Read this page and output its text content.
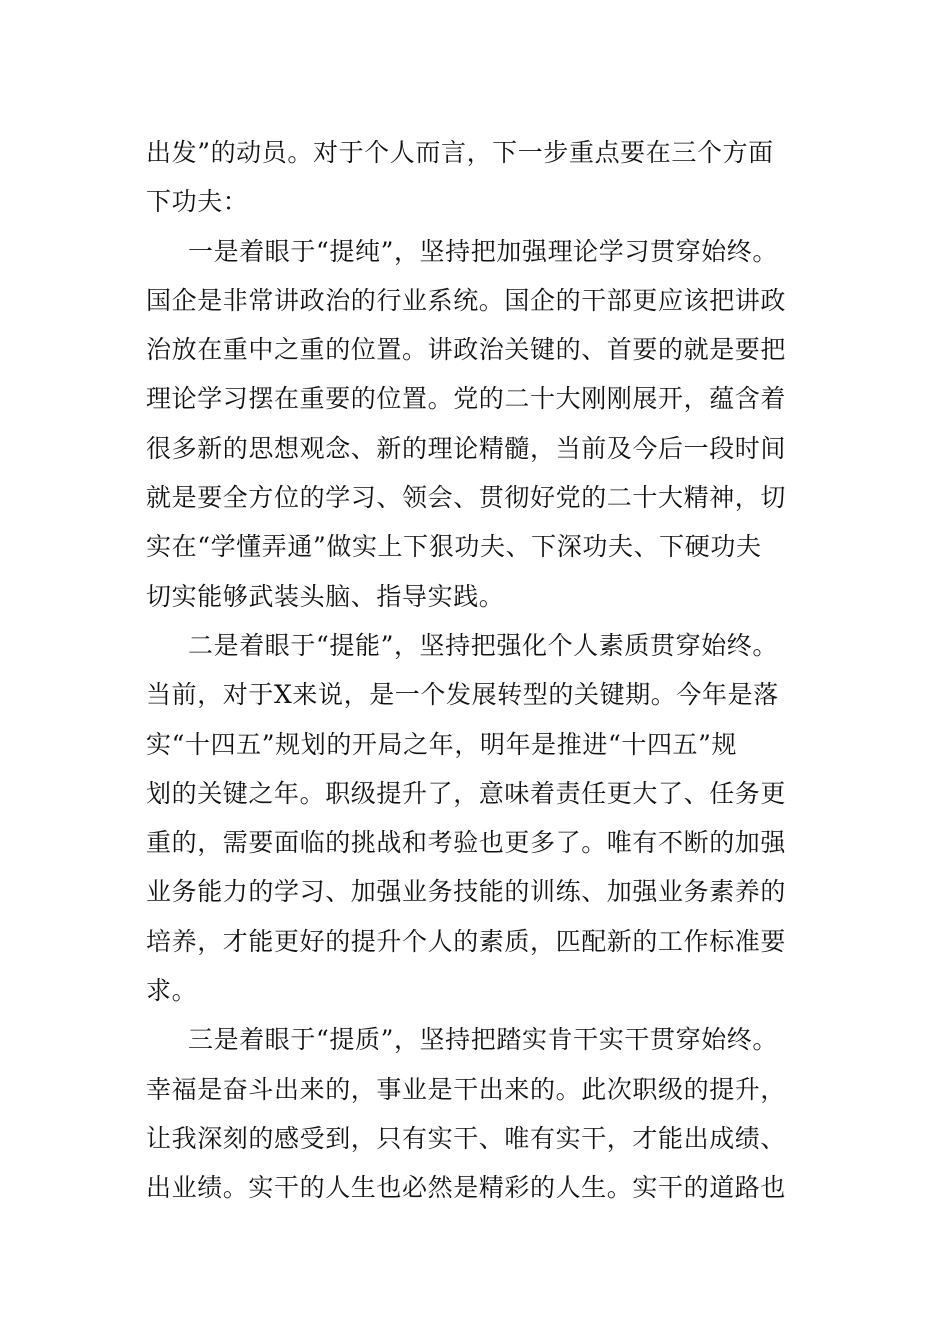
出发”的动员。对于个人而言，下一步重点要在三个方面
下功夫：
一是着眼于“提纯”，坚持把加强理论学习贯穿始终。
国企是非常讲政治的行业系统。国企的干部更应该把讲政
治放在重中之重的位置。讲政治关键的、首要的就是要把
理论学习摆在重要的位置。党的二十大刚刚展开，蕴含着
很多新的思想观念、新的理论精髓，当前及今后一段时间
就是要全方位的学习、领会、贯彻好党的二十大精神，切
实在“学懂弄通”做实上下狠功夫、下深功夫、下硬功夫
切实能够武装头脑、指导实践。
二是着眼于“提能”，坚持把强化个人素质贯穿始终。
当前，对于X来说，是一个发展转型的关键期。今年是落
实“十四五”规划的开局之年，明年是推进“十四五”规
划的关键之年。职级提升了，意味着责任更大了、任务更
重的，需要面临的挑战和考验也更多了。唯有不断的加强
业务能力的学习、加强业务技能的训练、加强业务素养的
培养，才能更好的提升个人的素质，匹配新的工作标准要
求。
三是着眼于“提质”，坚持把踏实肯干实干贯穿始终。
幸福是奋斗出来的，事业是干出来的。此次职级的提升，
让我深刻的感受到，只有实干、唯有实干，才能出成绩、
出业绩。实干的人生也必然是精彩的人生。实干的道路也
